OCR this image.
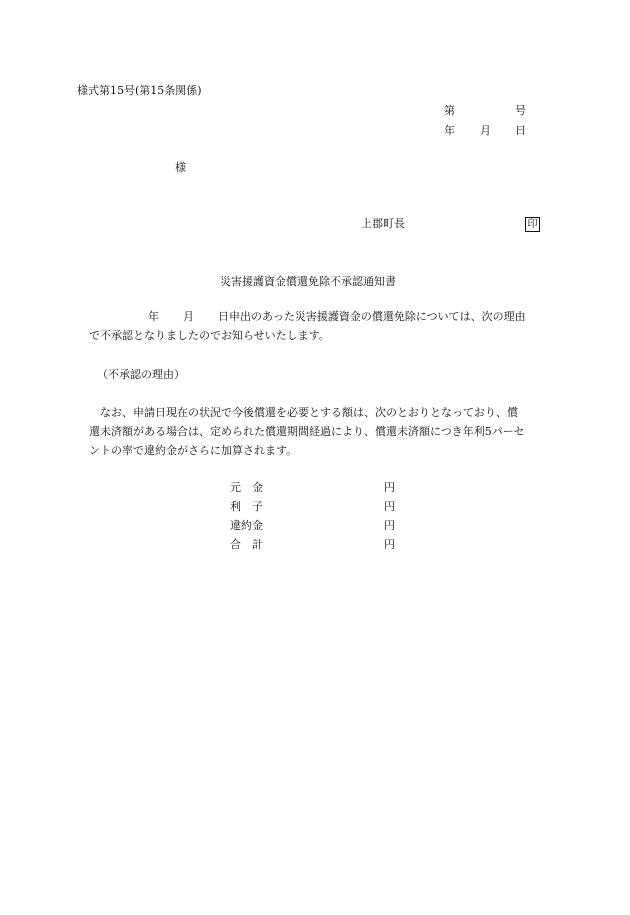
様式第15号(第15条関係)
第	号
年 月 日
様
上郡町長	印
災害援護資金償還免除不承認通知書
年 月 日申出のあった災害援護資金の償還免除については、次の理由
で不承認となりましたのでお知らせいたします。
（不承認の理由）
なお、申請日現在の状況で今後償還を必要とする額は、次のとおりとなっており、償
還未済額がある場合は、定められた償還期間経過により、償還未済額につき年利5パーセ
ントの率で違約金がさらに加算されます。
元　金	円
利　子	円
違約金	円
合　計	円
